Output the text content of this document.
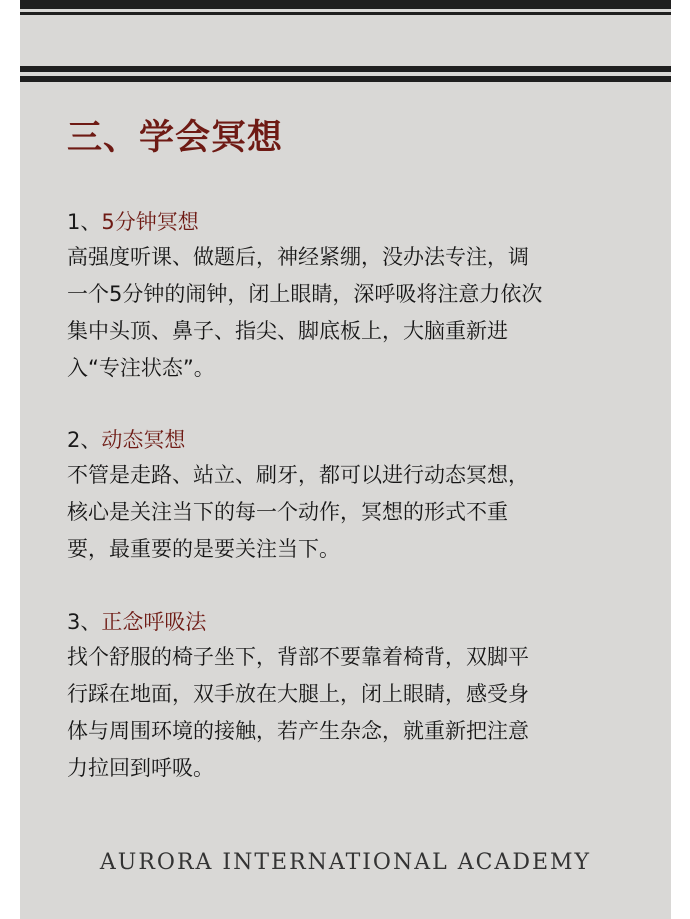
三、学会冥想
1、5分钟冥想
高强度听课、做题后，神经紧绷，没办法专注，调
一个5分钟的闹钟，闭上眼睛，深呼吸将注意力依次
集中头顶、鼻子、指尖、脚底板上，大脑重新进
入“专注状态”。
2、动态冥想
不管是走路、站立、刷牙，都可以进行动态冥想，
核心是关注当下的每一个动作，冥想的形式不重
要，最重要的是要关注当下。
3、正念呼吸法
找个舒服的椅子坐下，背部不要靠着椅背，双脚平
行踩在地面，双手放在大腿上，闭上眼睛，感受身
体与周围环境的接触，若产生杂念，就重新把注意
力拉回到呼吸。
AURORA INTERNATIONAL ACADEMY
